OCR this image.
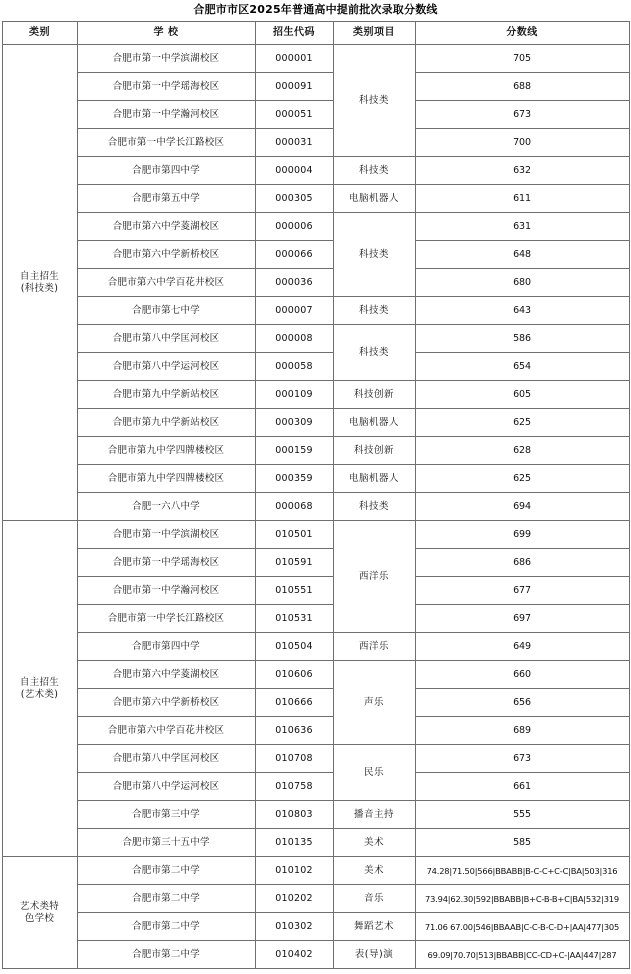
合肥市市区2025年普通高中提前批次录取分数线
类别	学 校	招生代码	类别项目	分数线

自主招生
(科技类)	合肥市第一中学滨湖校区	000001	科技类	705
	合肥市第一中学瑶海校区	000091		688
	合肥市第一中学瀚河校区	000051		673
	合肥市第一中学长江路校区	000031		700
	合肥市第四中学	000004	科技类	632
	合肥市第五中学	000305	电脑机器人	611
	合肥市第六中学菱湖校区	000006	科技类	631
	合肥市第六中学新桥校区	000066		648
	合肥市第六中学百花井校区	000036		680
	合肥市第七中学	000007	科技类	643
	合肥市第八中学匡河校区	000008	科技类	586
	合肥市第八中学运河校区	000058		654
	合肥市第九中学新站校区	000109	科技创新	605
	合肥市第九中学新站校区	000309	电脑机器人	625
	合肥市第九中学四牌楼校区	000159	科技创新	628
	合肥市第九中学四牌楼校区	000359	电脑机器人	625
	合肥一六八中学	000068	科技类	694

自主招生
(艺术类)	合肥市第一中学滨湖校区	010501	西洋乐	699
	合肥市第一中学瑶海校区	010591		686
	合肥市第一中学瀚河校区	010551		677
	合肥市第一中学长江路校区	010531		697
	合肥市第四中学	010504	西洋乐	649
	合肥市第六中学菱湖校区	010606	声乐	660
	合肥市第六中学新桥校区	010666		656
	合肥市第六中学百花井校区	010636		689
	合肥市第八中学匡河校区	010708	民乐	673
	合肥市第八中学运河校区	010758		661
	合肥市第三中学	010803	播音主持	555
	合肥市第三十五中学	010135	美术	585

艺术类特
色学校	合肥市第二中学	010102	美术	74.28|71.50|566|BBABB|B-C-C+C-C|BA|503|316
	合肥市第二中学	010202	音乐	73.94|62.30|592|BBABB|B+C-B-B+C|BA|532|319
	合肥市第二中学	010302	舞蹈艺术	71.06 67.00|546|BBAAB|C-C-B-C-D+|AA|477|305
	合肥市第二中学	010402	表(导)演	69.09|70.70|513|BBABB|CC-CD+C-|AA|447|287
